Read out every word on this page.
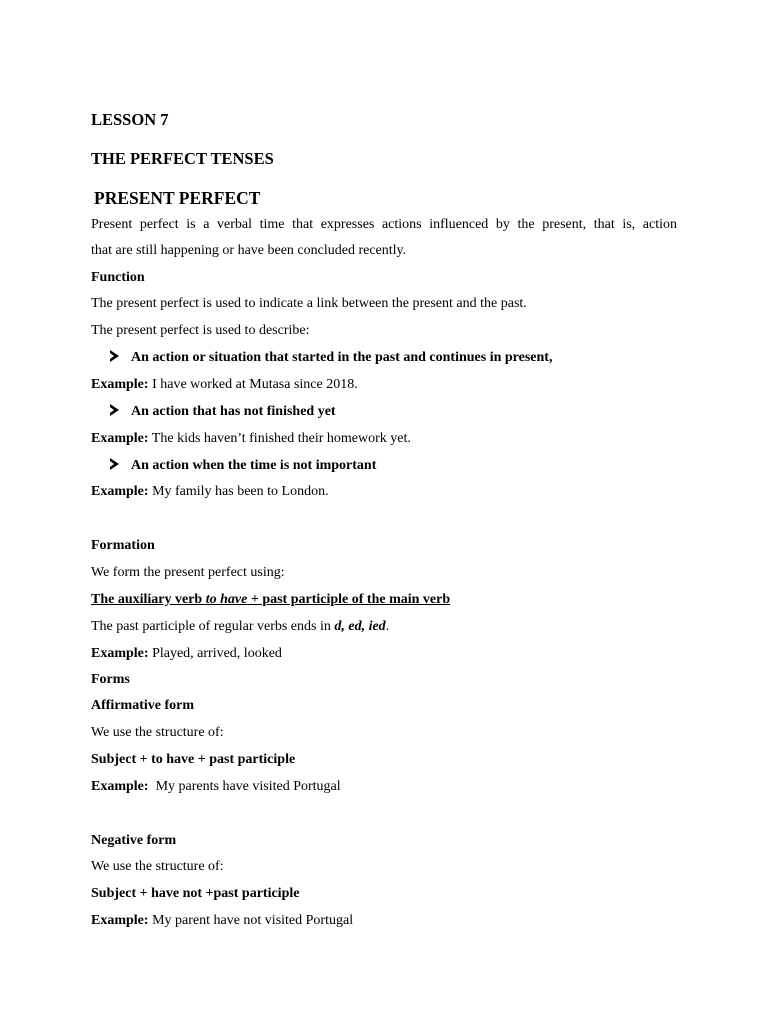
LESSON 7
THE PERFECT TENSES
PRESENT PERFECT
Present perfect is a verbal time that expresses actions influenced by the present, that is, action
that are still happening or have been concluded recently.
Function
The present perfect is used to indicate a link between the present and the past.
The present perfect is used to describe:
An action or situation that started in the past and continues in present,
Example: I have worked at Mutasa since 2018.
An action that has not finished yet
Example: The kids haven’t finished their homework yet.
An action when the time is not important
Example: My family has been to London.
Formation
We form the present perfect using:
The auxiliary verb to have + past participle of the main verb
The past participle of regular verbs ends in d, ed, ied.
Example: Played, arrived, looked
Forms
Affirmative form
We use the structure of:
Subject + to have + past participle
Example:  My parents have visited Portugal
Negative form
We use the structure of:
Subject + have not +past participle
Example: My parent have not visited Portugal
